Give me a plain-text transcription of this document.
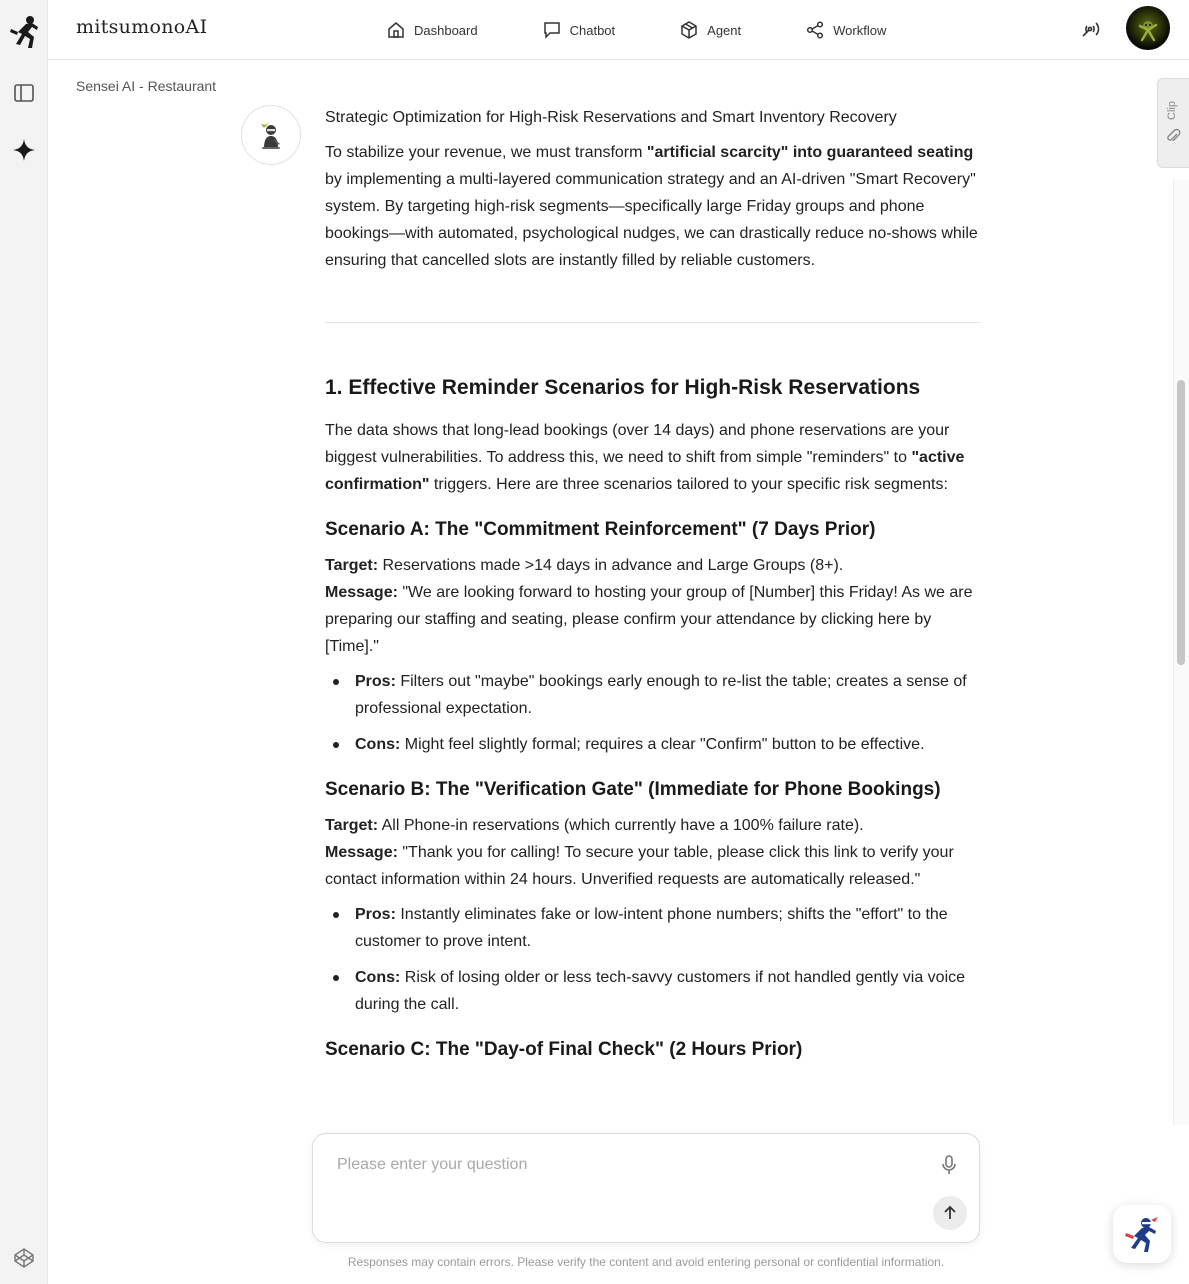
mitsumonoAI	Dashboard	Chatbot	Agent	Workflow
Sensei AI - Restaurant
Clip

Strategic Optimization for High-Risk Reservations and Smart Inventory Recovery

To stabilize your revenue, we must transform "artificial scarcity" into guaranteed seating by implementing a multi-layered communication strategy and an AI-driven "Smart Recovery" system. By targeting high-risk segments—specifically large Friday groups and phone bookings—with automated, psychological nudges, we can drastically reduce no-shows while ensuring that cancelled slots are instantly filled by reliable customers.

1. Effective Reminder Scenarios for High-Risk Reservations

The data shows that long-lead bookings (over 14 days) and phone reservations are your biggest vulnerabilities. To address this, we need to shift from simple "reminders" to "active confirmation" triggers. Here are three scenarios tailored to your specific risk segments:

Scenario A: The "Commitment Reinforcement" (7 Days Prior)

Target: Reservations made >14 days in advance and Large Groups (8+).

Message: "We are looking forward to hosting your group of [Number] this Friday! As we are preparing our staffing and seating, please confirm your attendance by clicking here by [Time]."

Pros: Filters out "maybe" bookings early enough to re-list the table; creates a sense of professional expectation.
Cons: Might feel slightly formal; requires a clear "Confirm" button to be effective.
Scenario B: The "Verification Gate" (Immediate for Phone Bookings)

Target: All Phone-in reservations (which currently have a 100% failure rate).

Message: "Thank you for calling! To secure your table, please click this link to verify your contact information within 24 hours. Unverified requests are automatically released."

Pros: Instantly eliminates fake or low-intent phone numbers; shifts the "effort" to the customer to prove intent.
Cons: Risk of losing older or less tech-savvy customers if not handled gently via voice during the call.
Scenario C: The "Day-of Final Check" (2 Hours Prior)
Please enter your question
Responses may contain errors. Please verify the content and avoid entering personal or confidential information.
